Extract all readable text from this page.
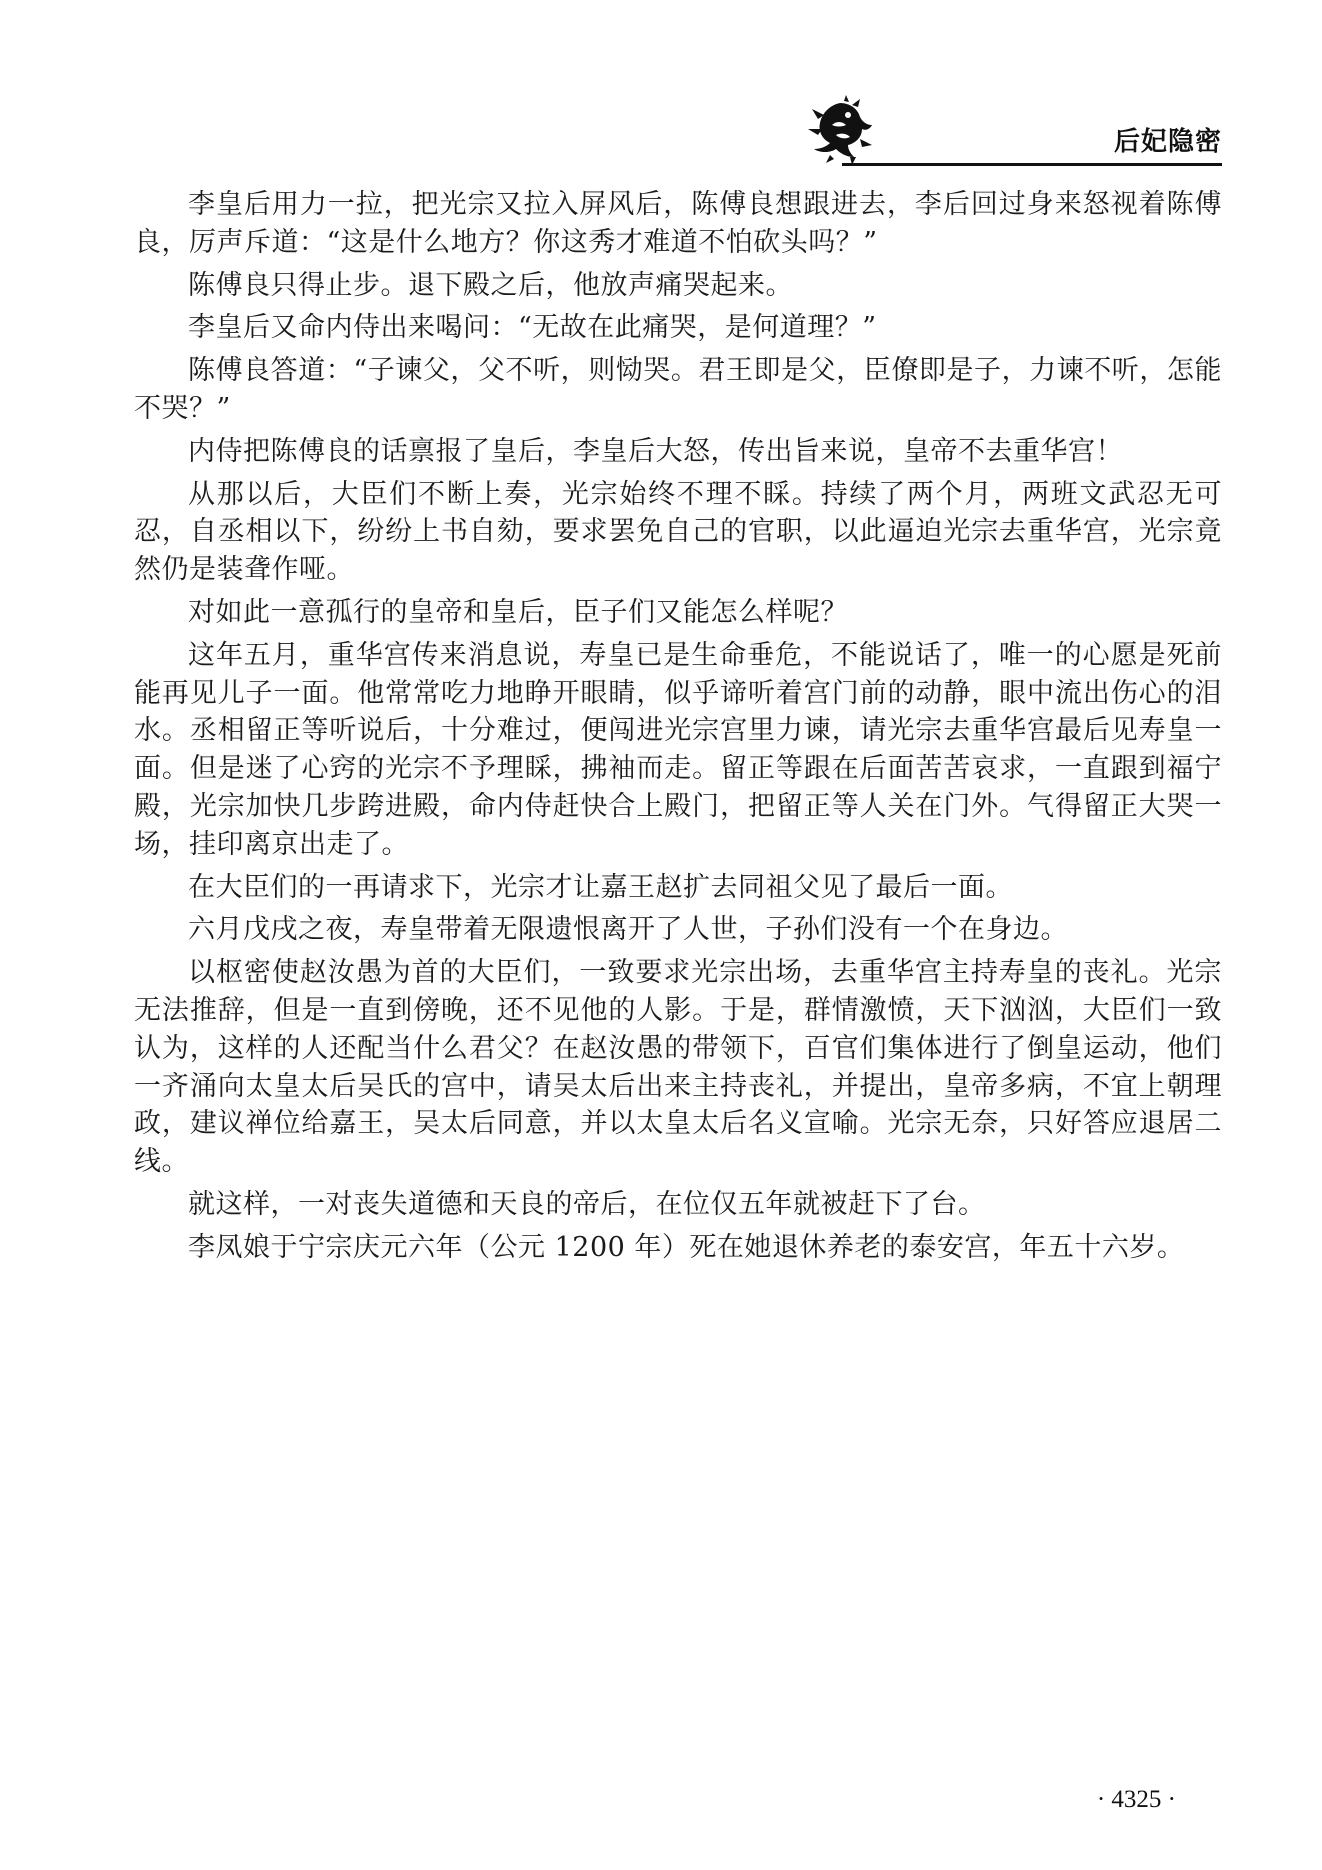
后妃隐密

李皇后用力一拉，把光宗又拉入屏风后，陈傅良想跟进去，李后回过身来怒视着陈傅良，厉声斥道：“这是什么地方？你这秀才难道不怕砍头吗？”

陈傅良只得止步。退下殿之后，他放声痛哭起来。

李皇后又命内侍出来喝问：“无故在此痛哭，是何道理？”

陈傅良答道：“子谏父，父不听，则恸哭。君王即是父，臣僚即是子，力谏不听，怎能不哭？”

内侍把陈傅良的话禀报了皇后，李皇后大怒，传出旨来说，皇帝不去重华宫！

从那以后，大臣们不断上奏，光宗始终不理不睬。持续了两个月，两班文武忍无可忍，自丞相以下，纷纷上书自劾，要求罢免自己的官职，以此逼迫光宗去重华宫，光宗竟然仍是装聋作哑。

对如此一意孤行的皇帝和皇后，臣子们又能怎么样呢？

这年五月，重华宫传来消息说，寿皇已是生命垂危，不能说话了，唯一的心愿是死前能再见儿子一面。他常常吃力地睁开眼睛，似乎谛听着宫门前的动静，眼中流出伤心的泪水。丞相留正等听说后，十分难过，便闯进光宗宫里力谏，请光宗去重华宫最后见寿皇一面。但是迷了心窍的光宗不予理睬，拂袖而走。留正等跟在后面苦苦哀求，一直跟到福宁殿，光宗加快几步跨进殿，命内侍赶快合上殿门，把留正等人关在门外。气得留正大哭一场，挂印离京出走了。

在大臣们的一再请求下，光宗才让嘉王赵扩去同祖父见了最后一面。

六月戊戌之夜，寿皇带着无限遗恨离开了人世，子孙们没有一个在身边。

以枢密使赵汝愚为首的大臣们，一致要求光宗出场，去重华宫主持寿皇的丧礼。光宗无法推辞，但是一直到傍晚，还不见他的人影。于是，群情激愤，天下汹汹，大臣们一致认为，这样的人还配当什么君父？在赵汝愚的带领下，百官们集体进行了倒皇运动，他们一齐涌向太皇太后吴氏的宫中，请吴太后出来主持丧礼，并提出，皇帝多病，不宜上朝理政，建议禅位给嘉王，吴太后同意，并以太皇太后名义宣喻。光宗无奈，只好答应退居二线。

就这样，一对丧失道德和天良的帝后，在位仅五年就被赶下了台。

李凤娘于宁宗庆元六年（公元 1200 年）死在她退休养老的泰安宫，年五十六岁。

· 4325 ·
